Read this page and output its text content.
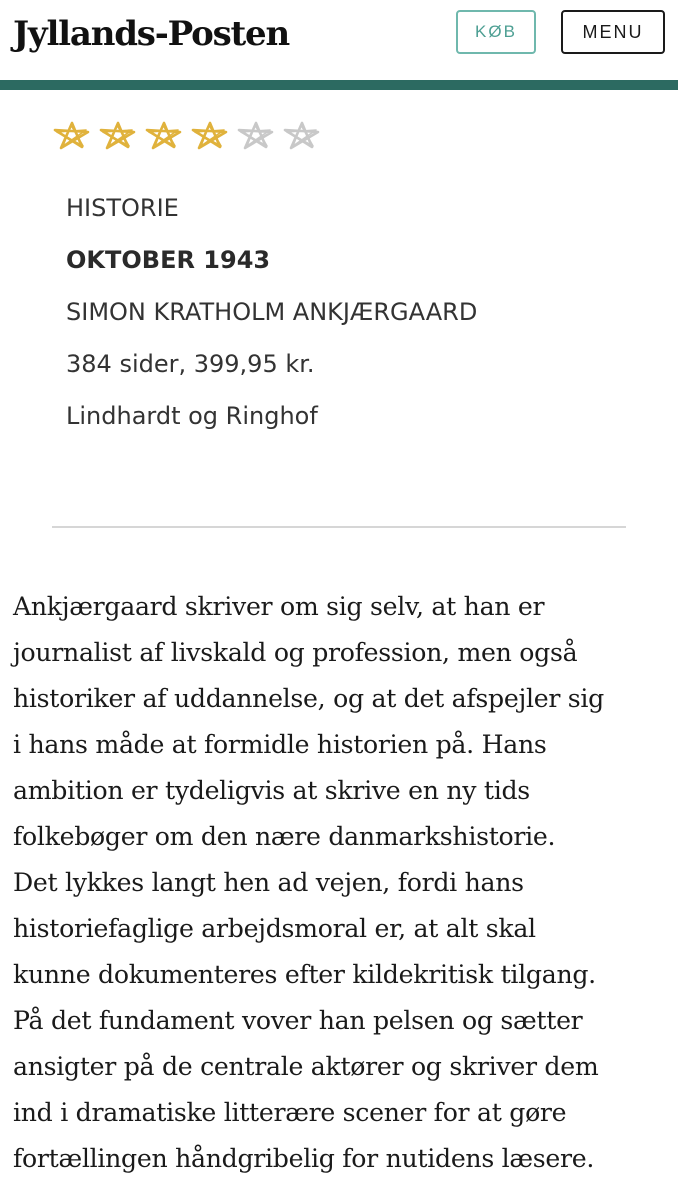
Jyllands-Posten	KØB	MENU
HISTORIE
OKTOBER 1943
SIMON KRATHOLM ANKJÆRGAARD
384 sider, 399,95 kr.
Lindhardt og Ringhof
Ankjærgaard skriver om sig selv, at han er
journalist af livskald og profession, men også
historiker af uddannelse, og at det afspejler sig
i hans måde at formidle historien på. Hans
ambition er tydeligvis at skrive en ny tids
folkebøger om den nære danmarkshistorie.
Det lykkes langt hen ad vejen, fordi hans
historiefaglige arbejdsmoral er, at alt skal
kunne dokumenteres efter kildekritisk tilgang.
På det fundament vover han pelsen og sætter
ansigter på de centrale aktører og skriver dem
ind i dramatiske litterære scener for at gøre
fortællingen håndgribelig for nutidens læsere.
